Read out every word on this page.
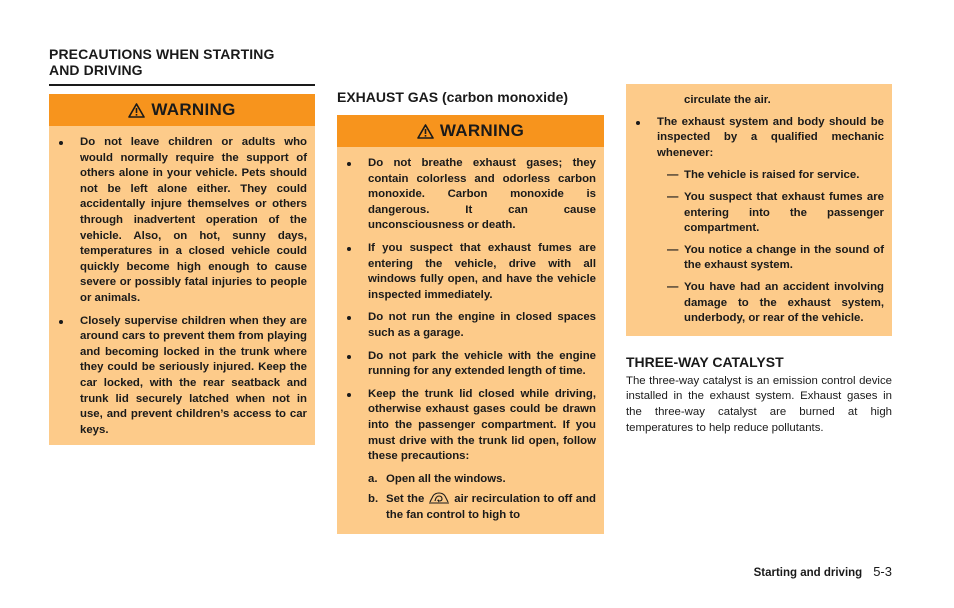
PRECAUTIONS WHEN STARTING
AND DRIVING
WARNING
Do not leave children or adults who would normally require the support of others alone in your vehicle. Pets should not be left alone either. They could accidentally injure themselves or others through inadvertent operation of the vehicle. Also, on hot, sunny days, temperatures in a closed vehicle could quickly become high enough to cause severe or possibly fatal injuries to people or animals.
Closely supervise children when they are around cars to prevent them from playing and becoming locked in the trunk where they could be seriously injured. Keep the car locked, with the rear seatback and trunk lid securely latched when not in use, and prevent children’s access to car keys.
EXHAUST GAS (carbon monoxide)
WARNING
Do not breathe exhaust gases; they contain colorless and odorless carbon monoxide. Carbon monoxide is dangerous. It can cause unconsciousness or death.
If you suspect that exhaust fumes are entering the vehicle, drive with all windows fully open, and have the vehicle inspected immediately.
Do not run the engine in closed spaces such as a garage.
Do not park the vehicle with the engine running for any extended length of time.
Keep the trunk lid closed while driving, otherwise exhaust gases could be drawn into the passenger compartment. If you must drive with the trunk lid open, follow these precautions:
a. Open all the windows.
b. Set the	air recirculation to off and the fan control to high to
circulate the air.
The exhaust system and body should be inspected by a qualified mechanic whenever:
— The vehicle is raised for service.
— You suspect that exhaust fumes are entering into the passenger compartment.
— You notice a change in the sound of the exhaust system.
— You have had an accident involving damage to the exhaust system, underbody, or rear of the vehicle.
THREE-WAY CATALYST

The three-way catalyst is an emission control device installed in the exhaust system. Exhaust gases in the three-way catalyst are burned at high temperatures to help reduce pollutants.

Starting and driving 5-3
